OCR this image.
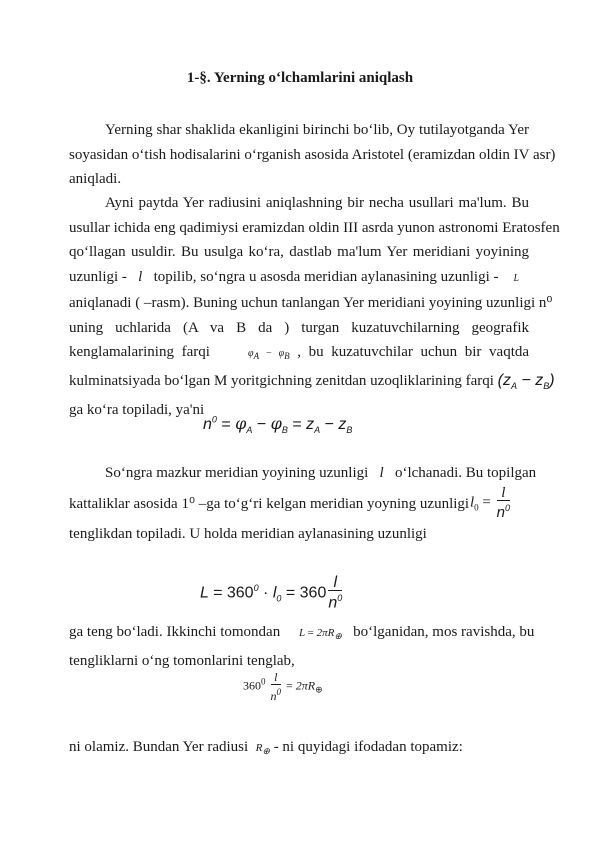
1-§. Yerning o‘lchamlarini aniqlash
Yerning shar shaklida ekanligini birinchi bo‘lib, Oy tutilayotganda Yer
soyasidan o‘tish hodisalarini o‘rganish asosida Aristotel (eramizdan oldin IV asr)
aniqladi.
Ayni paytda Yer radiusini aniqlashning bir necha usullari ma'lum. Bu
usullar ichida eng qadimiysi eramizdan oldin III asrda yunon astronomi Eratosfen
qo‘llagan usuldir. Bu usulga ko‘ra, dastlab ma'lum Yer meridiani yoyining
uzunligi - l topilib, so‘ngra u asosda meridian aylanasining uzunligi - L
aniqlanadi ( –rasm). Buning uchun tanlangan Yer meridiani yoyining uzunligi n⁰
uning uchlarida (A va B da ) turgan kuzatuvchilarning geografik
kenglamalarining farqi	$\varphi_A - \varphi_B$ , bu kuzatuvchilar uchun bir vaqtda
kulminatsiyada bo‘lgan M yoritgichning zenitdan uzoqliklarining farqi $(z_A - z_B)$
ga ko‘ra topiladi, ya'ni
$n^0 = \varphi_A - \varphi_B = z_A - z_B$
So‘ngra mazkur meridian yoyining uzunligi l o‘lchanadi. Bu topilgan
kattaliklar asosida 1⁰ –ga to‘g‘ri kelgan meridian yoyning uzunligi $l_0 = \frac{l}{n^0}$
tenglikdan topiladi. U holda meridian aylanasining uzunligi
$L = 360^0 \cdot l_0 = 360 \frac{l}{n^0}$
ga teng bo‘ladi. Ikkinchi tomondan $L = 2\pi R_\oplus$ bo‘lganidan, mos ravishda, bu
tengliklarni o‘ng tomonlarini tenglab,
$360^0 \frac{l}{n^0} = 2\pi R_\oplus$
ni olamiz. Bundan Yer radiusi $R_\oplus$ - ni quyidagi ifodadan topamiz:
